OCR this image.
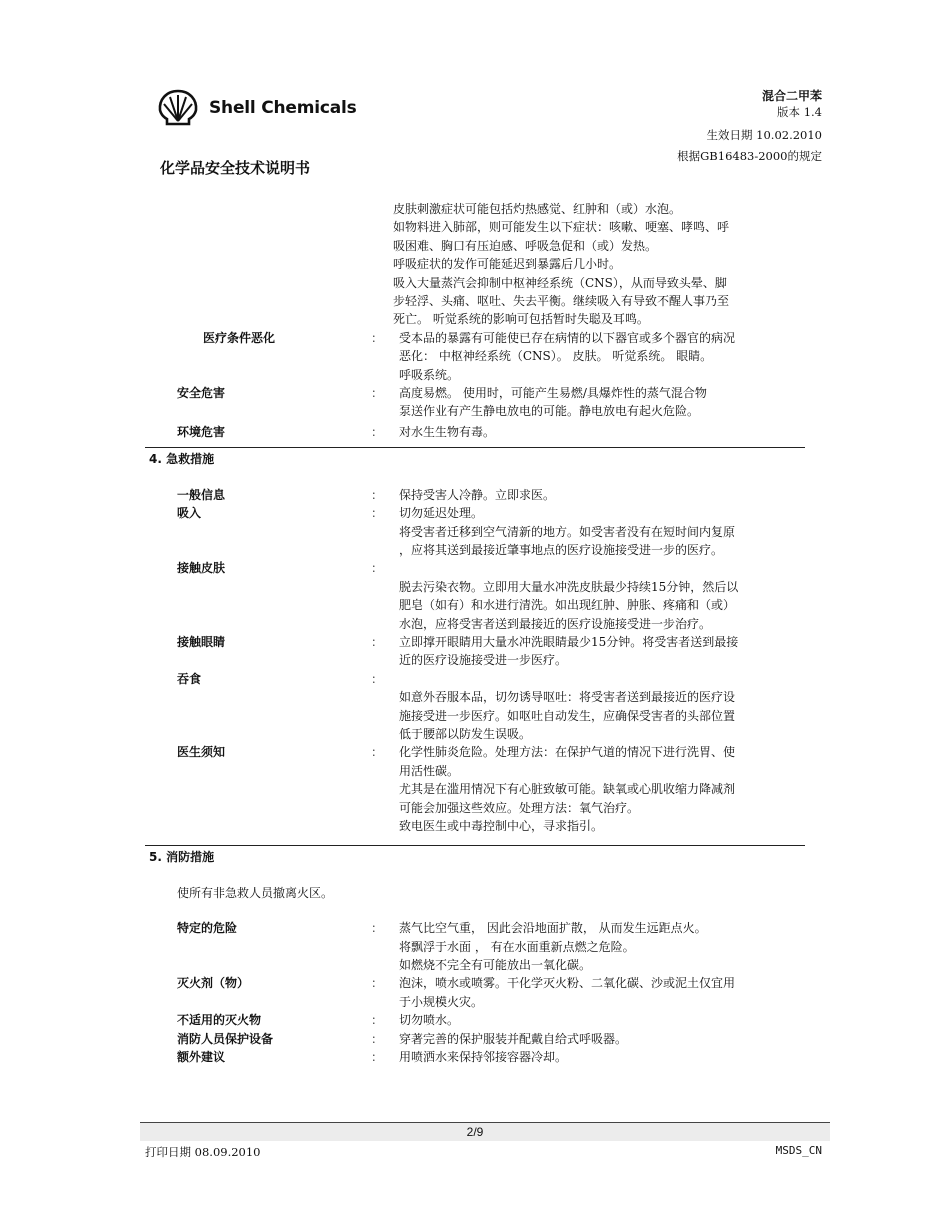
Shell Chemicals
化学品安全技术说明书
混合二甲苯
版本 1.4
生效日期 10.02.2010
根据GB16483-2000的规定

皮肤刺激症状可能包括灼热感觉、红肿和（或）水泡。

如物料进入肺部，则可能发生以下症状：咳嗽、哽塞、哮鸣、呼

吸困难、胸口有压迫感、呼吸急促和（或）发热。

呼吸症状的发作可能延迟到暴露后几小时。

吸入大量蒸汽会抑制中枢神经系统（CNS），从而导致头晕、脚

步轻浮、头痛、呕吐、失去平衡。继续吸入有导致不醒人事乃至

死亡。 听觉系统的影响可包括暂时失聪及耳鸣。

医疗条件恶化	： 受本品的暴露有可能使已存在病情的以下器官或多个器官的病况

恶化： 中枢神经系统（CNS）。 皮肤。 听觉系统。 眼睛。

呼吸系统。

安全危害	： 高度易燃。 使用时，可能产生易燃/具爆炸性的蒸气混合物

泵送作业有产生静电放电的可能。静电放电有起火危险。

环境危害	： 对水生生物有毒。

4. 急救措施
一般信息	： 保持受害人冷静。立即求医。

吸入	： 切勿延迟处理。

将受害者迁移到空气清新的地方。如受害者没有在短时间内复原

，应将其送到最接近肇事地点的医疗设施接受进一步的医疗。

接触皮肤	：

脱去污染衣物。立即用大量水冲洗皮肤最少持续15分钟，然后以

肥皂（如有）和水进行清洗。如出现红肿、肿胀、疼痛和（或）

水泡，应将受害者送到最接近的医疗设施接受进一步治疗。

接触眼睛	： 立即撑开眼睛用大量水冲洗眼睛最少15分钟。将受害者送到最接

近的医疗设施接受进一步医疗。

吞食	：

如意外吞服本品，切勿诱导呕吐：将受害者送到最接近的医疗设

施接受进一步医疗。如呕吐自动发生，应确保受害者的头部位置

低于腰部以防发生误吸。

医生须知	： 化学性肺炎危险。处理方法：在保护气道的情况下进行洗胃、使

用活性碳。

尤其是在滥用情况下有心脏致敏可能。缺氧或心肌收缩力降减剂

可能会加强这些效应。处理方法：氧气治疗。

致电医生或中毒控制中心，寻求指引。

5. 消防措施
使所有非急救人员撤离火区。
特定的危险	： 蒸气比空气重， 因此会沿地面扩散， 从而发生远距点火。

将飘浮于水面 ， 有在水面重新点燃之危险。

如燃烧不完全有可能放出一氧化碳。

灭火剂（物）	： 泡沫，喷水或喷雾。干化学灭火粉、二氧化碳、沙或泥土仅宜用

于小规模火灾。

不适用的灭火物	： 切勿喷水。

消防人员保护设备	： 穿著完善的保护服装并配戴自给式呼吸器。

额外建议	： 用喷洒水来保持邻接容器冷却。

2/9
打印日期 08.09.2010	MSDS_CN
